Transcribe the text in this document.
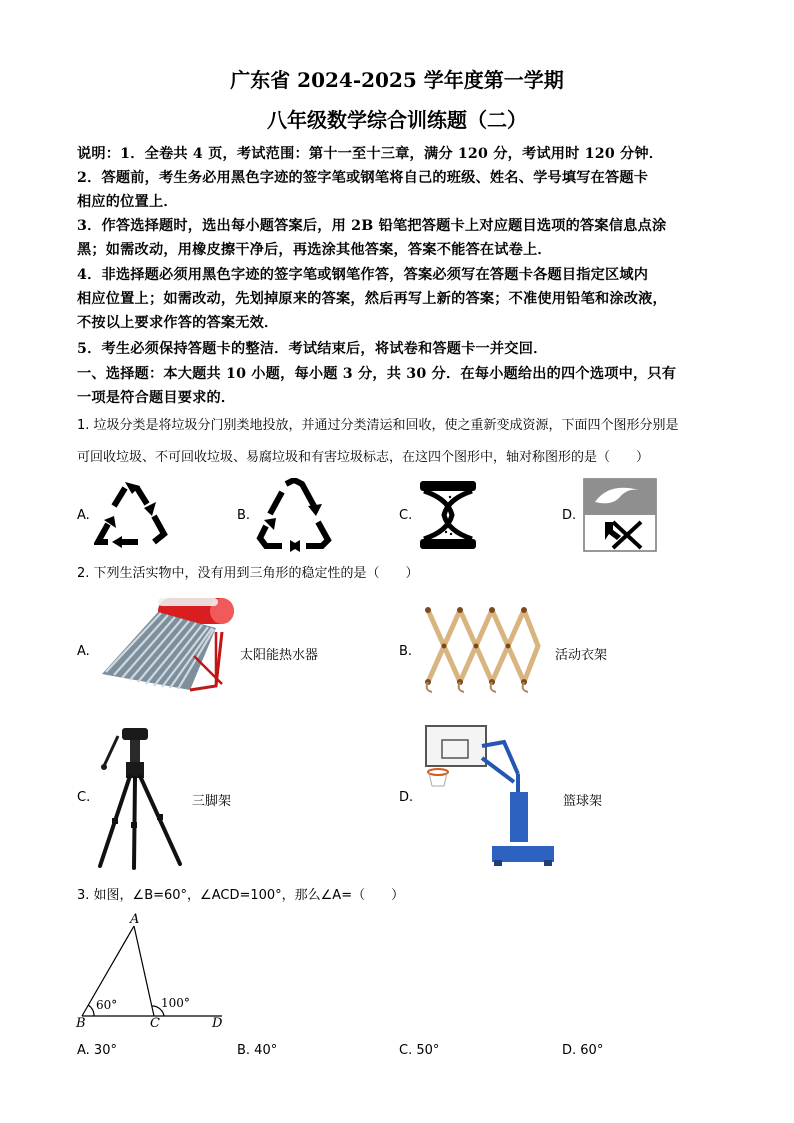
广东省 2024-2025 学年度第一学期
八年级数学综合训练题（二）
说明：1．全卷共 4 页，考试范围：第十一至十三章，满分 120 分，考试用时 120 分钟．
2．答题前，考生务必用黑色字迹的签字笔或钢笔将自己的班级、姓名、学号填写在答题卡
相应的位置上．
3．作答选择题时，选出每小题答案后，用 2B 铅笔把答题卡上对应题目选项的答案信息点涂
黑；如需改动，用橡皮擦干净后，再选涂其他答案，答案不能答在试卷上．
4．非选择题必须用黑色字迹的签字笔或钢笔作答，答案必须写在答题卡各题目指定区域内
相应位置上；如需改动，先划掉原来的答案，然后再写上新的答案；不准使用铅笔和涂改液，
不按以上要求作答的答案无效．
5．考生必须保持答题卡的整洁．考试结束后，将试卷和答题卡一并交回．
一、选择题：本大题共 10 小题，每小题 3 分，共 30 分．在每小题给出的四个选项中，只有
一项是符合题目要求的．
1. 垃圾分类是将垃圾分门别类地投放，并通过分类清运和回收，使之重新变成资源，下面四个图形分别是
可回收垃圾、不可回收垃圾、易腐垃圾和有害垃圾标志，在这四个图形中，轴对称图形的是（　　）
A.	B.	C.	D.
2. 下列生活实物中，没有用到三角形的稳定性的是（　　）
A.	太阳能热水器	B.	活动衣架
C.	三脚架	D.	篮球架
3. 如图，∠B=60°，∠ACD=100°，那么∠A=（　　）
A
B	C	D
60°	100°
A. 30°	B. 40°	C. 50°	D. 60°
